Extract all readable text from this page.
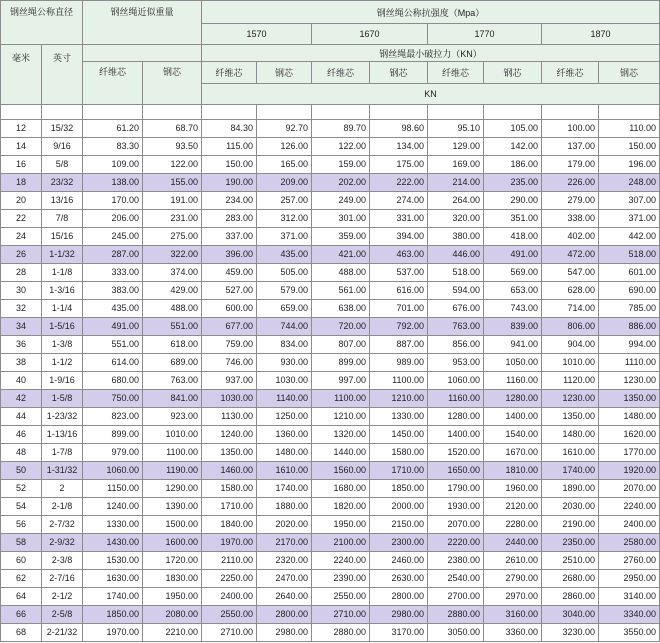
钢丝绳公称直径		钢丝绳近似重量		钢丝绳公称抗强度（Mpa）							
				1570		1670		1770		1870	
毫米	英寸			钢丝绳最小破拉力（KN）							
		纤维芯	钢芯	纤维芯	钢芯	纤维芯	钢芯	纤维芯	钢芯	纤维芯	钢芯
				KN							

12	15/32	61.20	68.70	84.30	92.70	89.70	98.60	95.10	105.00	100.00	110.00
14	9/16	83.30	93.50	115.00	126.00	122.00	134.00	129.00	142.00	137.00	150.00
16	5/8	109.00	122.00	150.00	165.00	159.00	175.00	169.00	186.00	179.00	196.00
18	23/32	138.00	155.00	190.00	209.00	202.00	222.00	214.00	235.00	226.00	248.00
20	13/16	170.00	191.00	234.00	257.00	249.00	274.00	264.00	290.00	279.00	307.00
22	7/8	206.00	231.00	283.00	312.00	301.00	331.00	320.00	351.00	338.00	371.00
24	15/16	245.00	275.00	337.00	371.00	359.00	394.00	380.00	418.00	402.00	442.00
26	1-1/32	287.00	322.00	396.00	435.00	421.00	463.00	446.00	491.00	472.00	518.00
28	1-1/8	333.00	374.00	459.00	505.00	488.00	537.00	518.00	569.00	547.00	601.00
30	1-3/16	383.00	429.00	527.00	579.00	561.00	616.00	594.00	653.00	628.00	690.00
32	1-1/4	435.00	488.00	600.00	659.00	638.00	701.00	676.00	743.00	714.00	785.00
34	1-5/16	491.00	551.00	677.00	744.00	720.00	792.00	763.00	839.00	806.00	886.00
36	1-3/8	551.00	618.00	759.00	834.00	807.00	887.00	856.00	941.00	904.00	994.00
38	1-1/2	614.00	689.00	746.00	930.00	899.00	989.00	953.00	1050.00	1010.00	1110.00
40	1-9/16	680.00	763.00	937.00	1030.00	997.00	1100.00	1060.00	1160.00	1120.00	1230.00
42	1-5/8	750.00	841.00	1030.00	1140.00	1100.00	1210.00	1160.00	1280.00	1230.00	1350.00
44	1-23/32	823.00	923.00	1130.00	1250.00	1210.00	1330.00	1280.00	1400.00	1350.00	1480.00
46	1-13/16	899.00	1010.00	1240.00	1360.00	1320.00	1450.00	1400.00	1540.00	1480.00	1620.00
48	1-7/8	979.00	1100.00	1350.00	1480.00	1440.00	1580.00	1520.00	1670.00	1610.00	1770.00
50	1-31/32	1060.00	1190.00	1460.00	1610.00	1560.00	1710.00	1650.00	1810.00	1740.00	1920.00
52	2	1150.00	1290.00	1580.00	1740.00	1680.00	1850.00	1790.00	1960.00	1890.00	2070.00
54	2-1/8	1240.00	1390.00	1710.00	1880.00	1820.00	2000.00	1930.00	2120.00	2030.00	2240.00
56	2-7/32	1330.00	1500.00	1840.00	2020.00	1950.00	2150.00	2070.00	2280.00	2190.00	2400.00
58	2-9/32	1430.00	1600.00	1970.00	2170.00	2100.00	2300.00	2220.00	2440.00	2350.00	2580.00
60	2-3/8	1530.00	1720.00	2110.00	2320.00	2240.00	2460.00	2380.00	2610.00	2510.00	2760.00
62	2-7/16	1630.00	1830.00	2250.00	2470.00	2390.00	2630.00	2540.00	2790.00	2680.00	2950.00
64	2-1/2	1740.00	1950.00	2400.00	2640.00	2550.00	2800.00	2700.00	2970.00	2860.00	3140.00
66	2-5/8	1850.00	2080.00	2550.00	2800.00	2710.00	2980.00	2880.00	3160.00	3040.00	3340.00
68	2-21/32	1970.00	2210.00	2710.00	2980.00	2880.00	3170.00	3050.00	3360.00	3230.00	3550.00
